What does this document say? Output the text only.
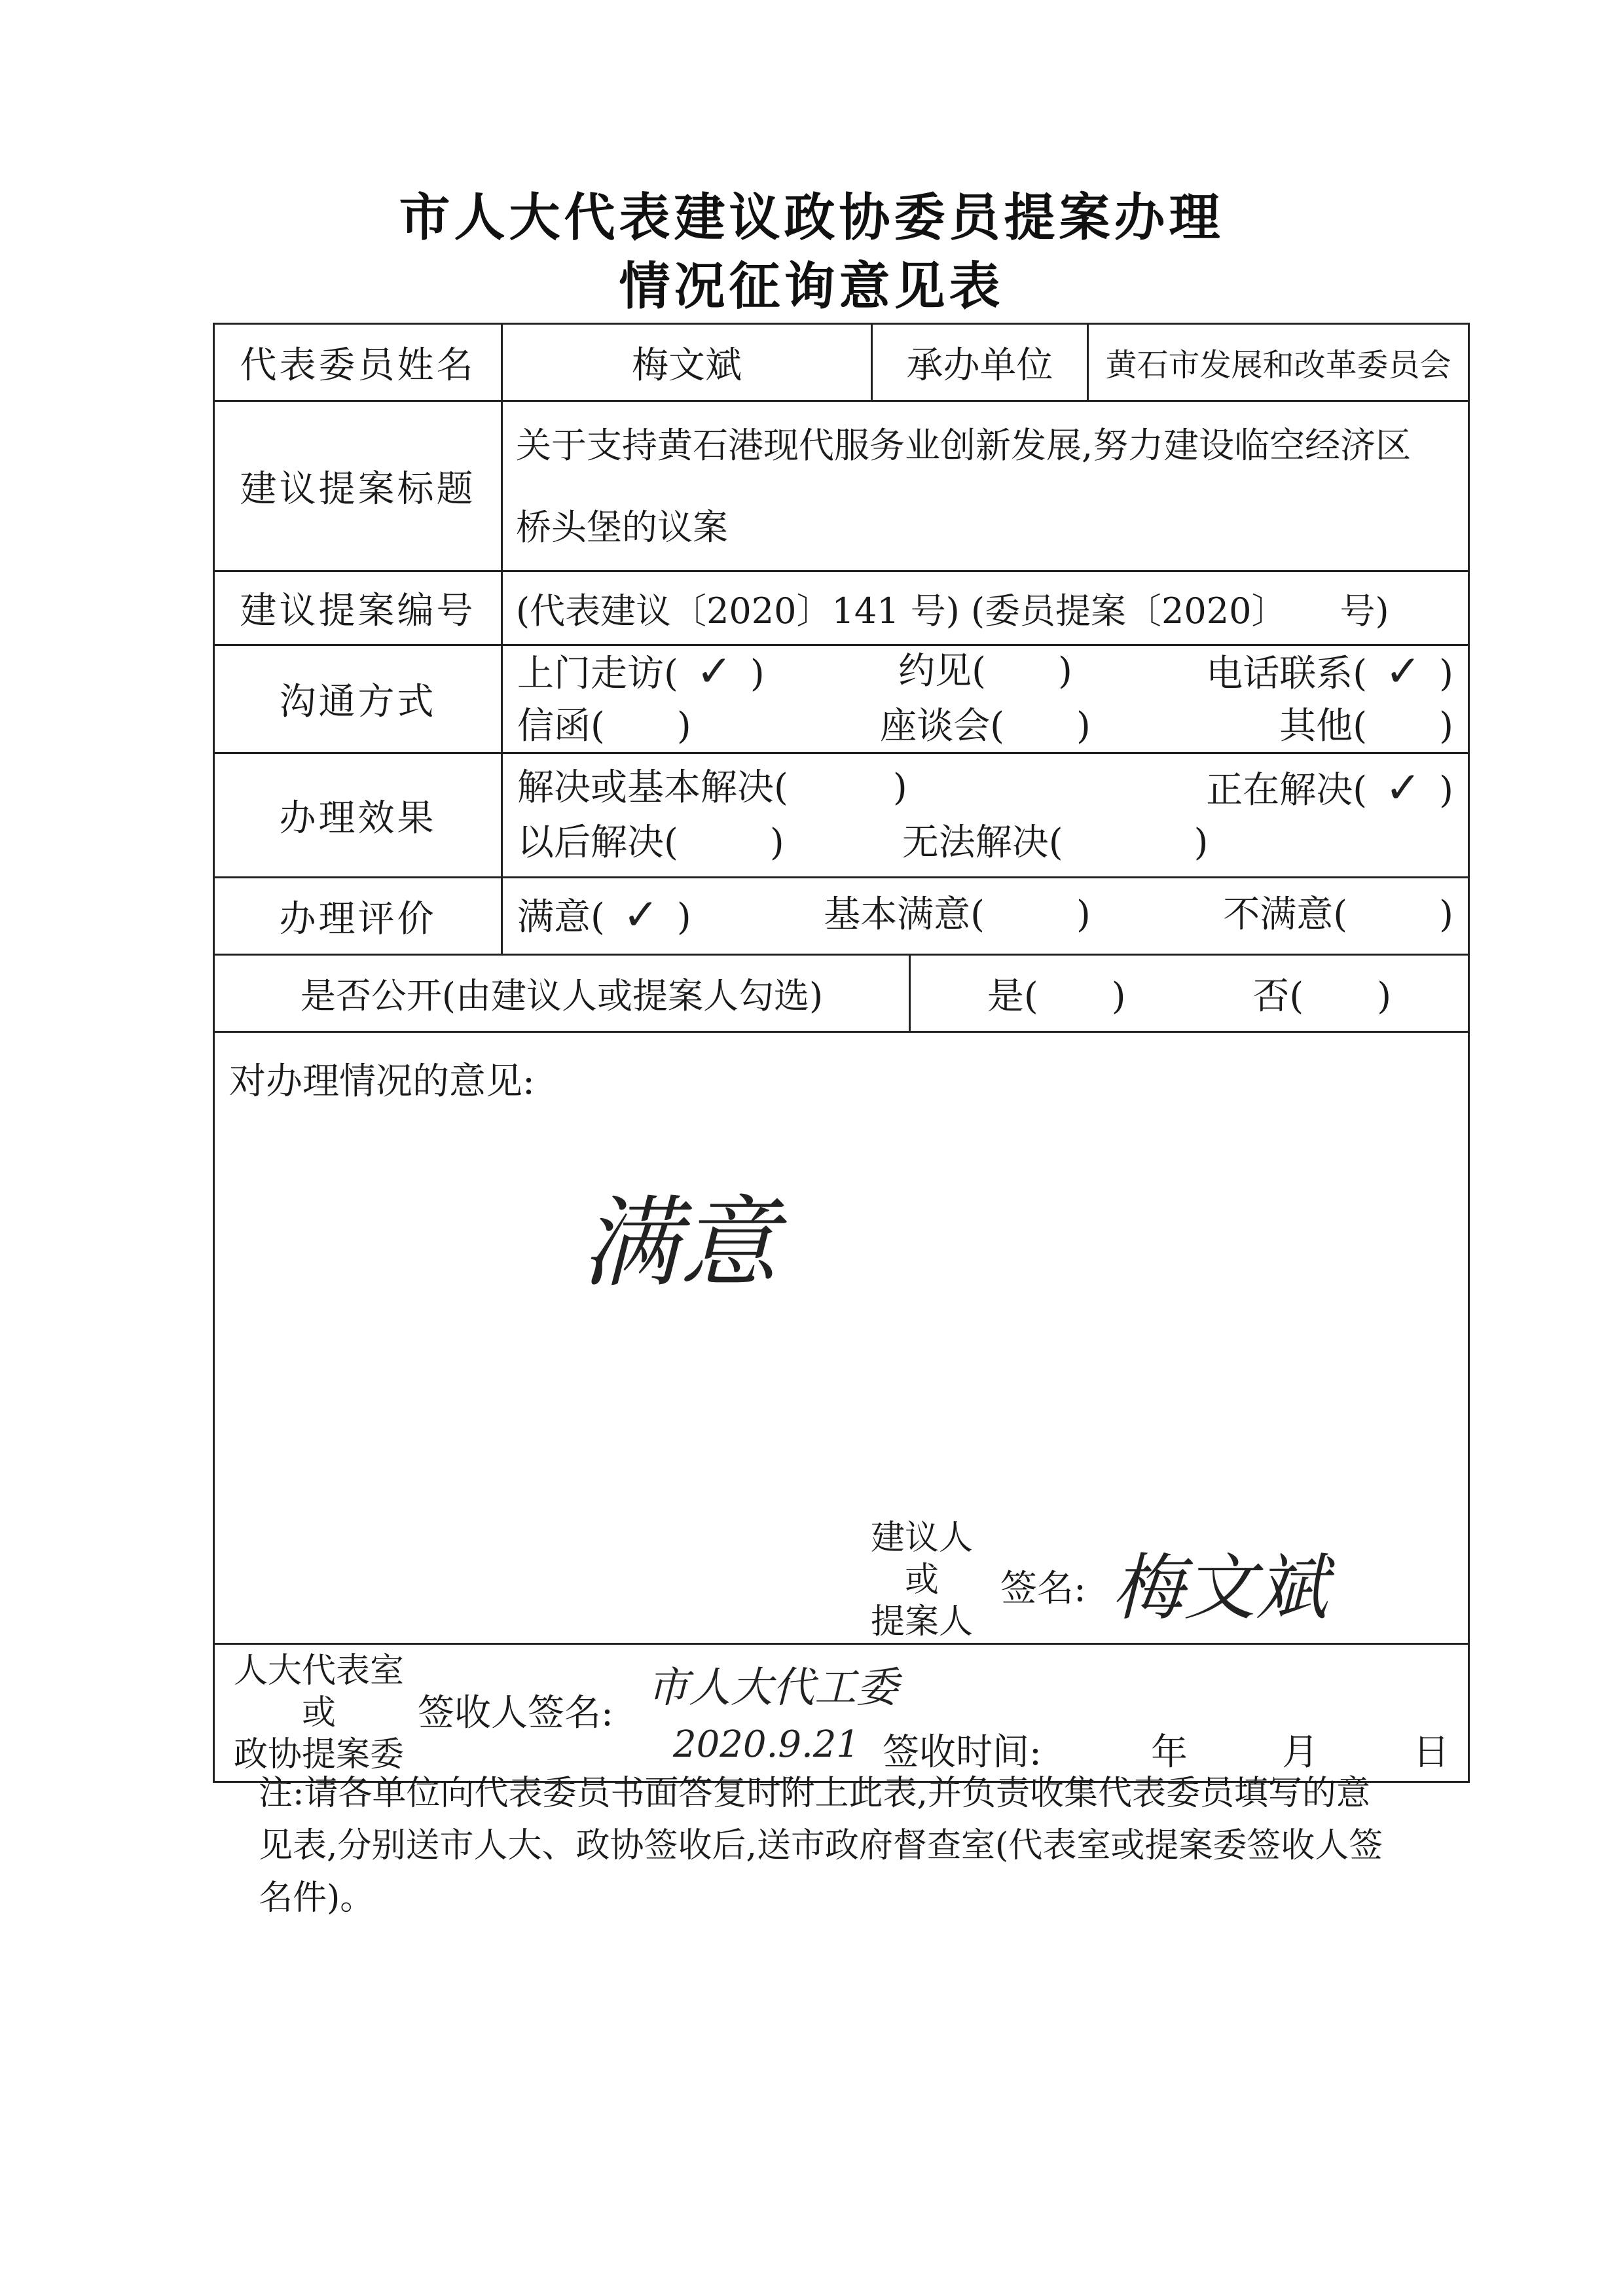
市人大代表建议政协委员提案办理
情况征询意见表
代表委员姓名	梅文斌	承办单位	黄石市发展和改革委员会
建议提案标题
关于支持黄石港现代服务业创新发展,努力建设临空经济区
桥头堡的议案
建议提案编号	(代表建议〔2020〕141 号) (委员提案〔2020〕　　号)
沟通方式
上门走访( ✓ )	约见( )	电话联系( ✓ )
信函( )	座谈会( )	其他( )
办理效果
解决或基本解决(	)	正在解决( ✓ )
以后解决(	)	无法解决(	)
办理评价	满意( ✓ )	基本满意(	)	不满意(	)
是否公开(由建议人或提案人勾选)	是(　　)	否(　　)
对办理情况的意见:
满意
建议人
或
提案人
签名: 梅文斌
人大代表室
或
政协提案委
签收人签名:
市人大代工委
2020.9.21 签收时间:	年	月	日
注:请各单位向代表委员书面答复时附上此表,并负责收集代表委员填写的意见表,分别送市人大、政协签收后,送市政府督查室(代表室或提案委签收人签名件)。
